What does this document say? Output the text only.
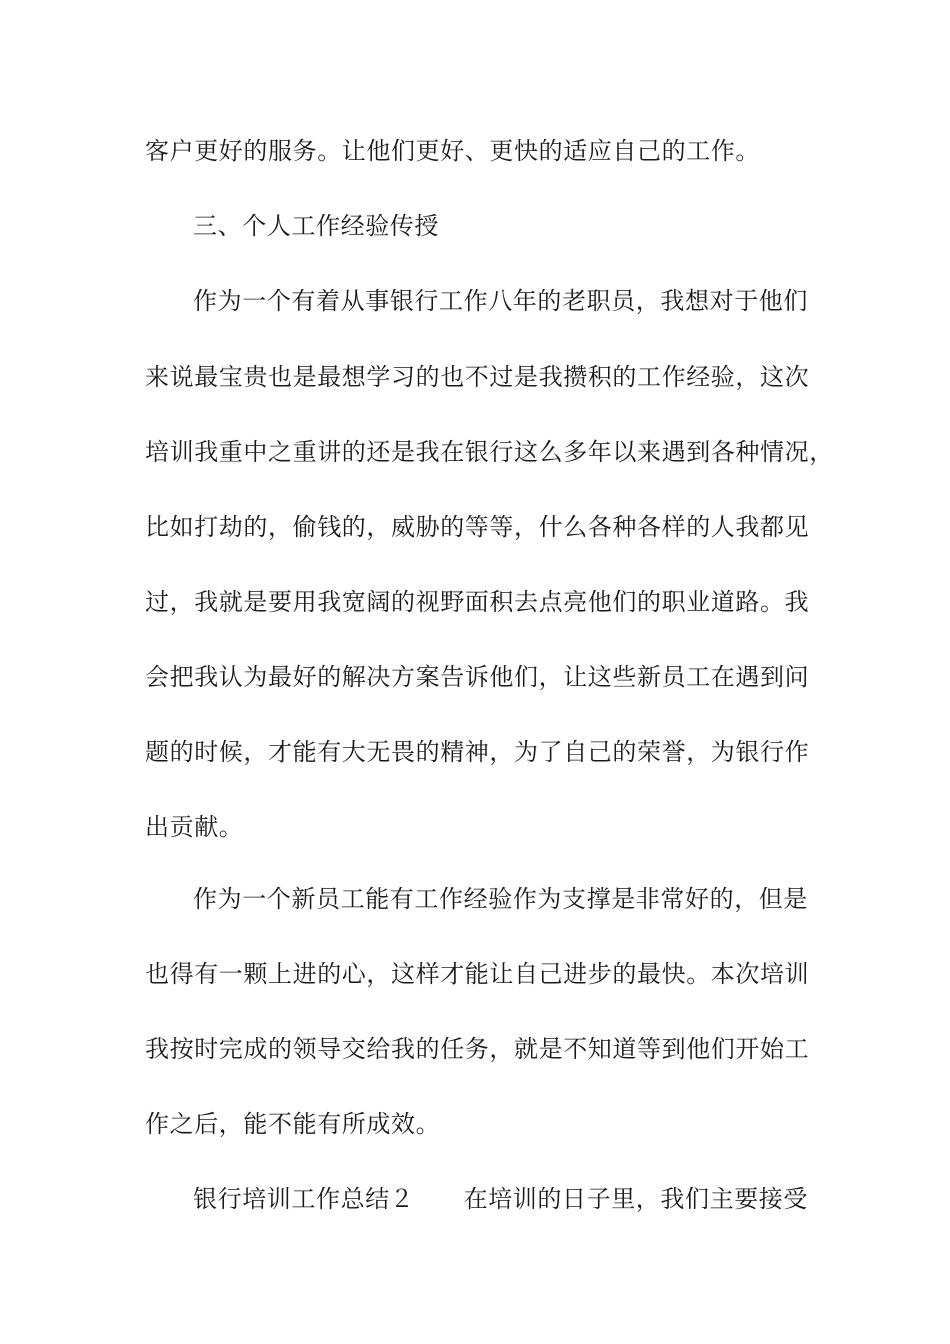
客户更好的服务。让他们更好、更快的适应自己的工作。
三、个人工作经验传授
作为一个有着从事银行工作八年的老职员，我想对于他们
来说最宝贵也是最想学习的也不过是我攒积的工作经验，这次
培训我重中之重讲的还是我在银行这么多年以来遇到各种情况，
比如打劫的，偷钱的，威胁的等等，什么各种各样的人我都见
过，我就是要用我宽阔的视野面积去点亮他们的职业道路。我
会把我认为最好的解决方案告诉他们，让这些新员工在遇到问
题的时候，才能有大无畏的精神，为了自己的荣誉，为银行作
出贡献。
作为一个新员工能有工作经验作为支撑是非常好的，但是
也得有一颗上进的心，这样才能让自己进步的最快。本次培训
我按时完成的领导交给我的任务，就是不知道等到他们开始工
作之后，能不能有所成效。
银行培训工作总结２　　在培训的日子里，我们主要接受
